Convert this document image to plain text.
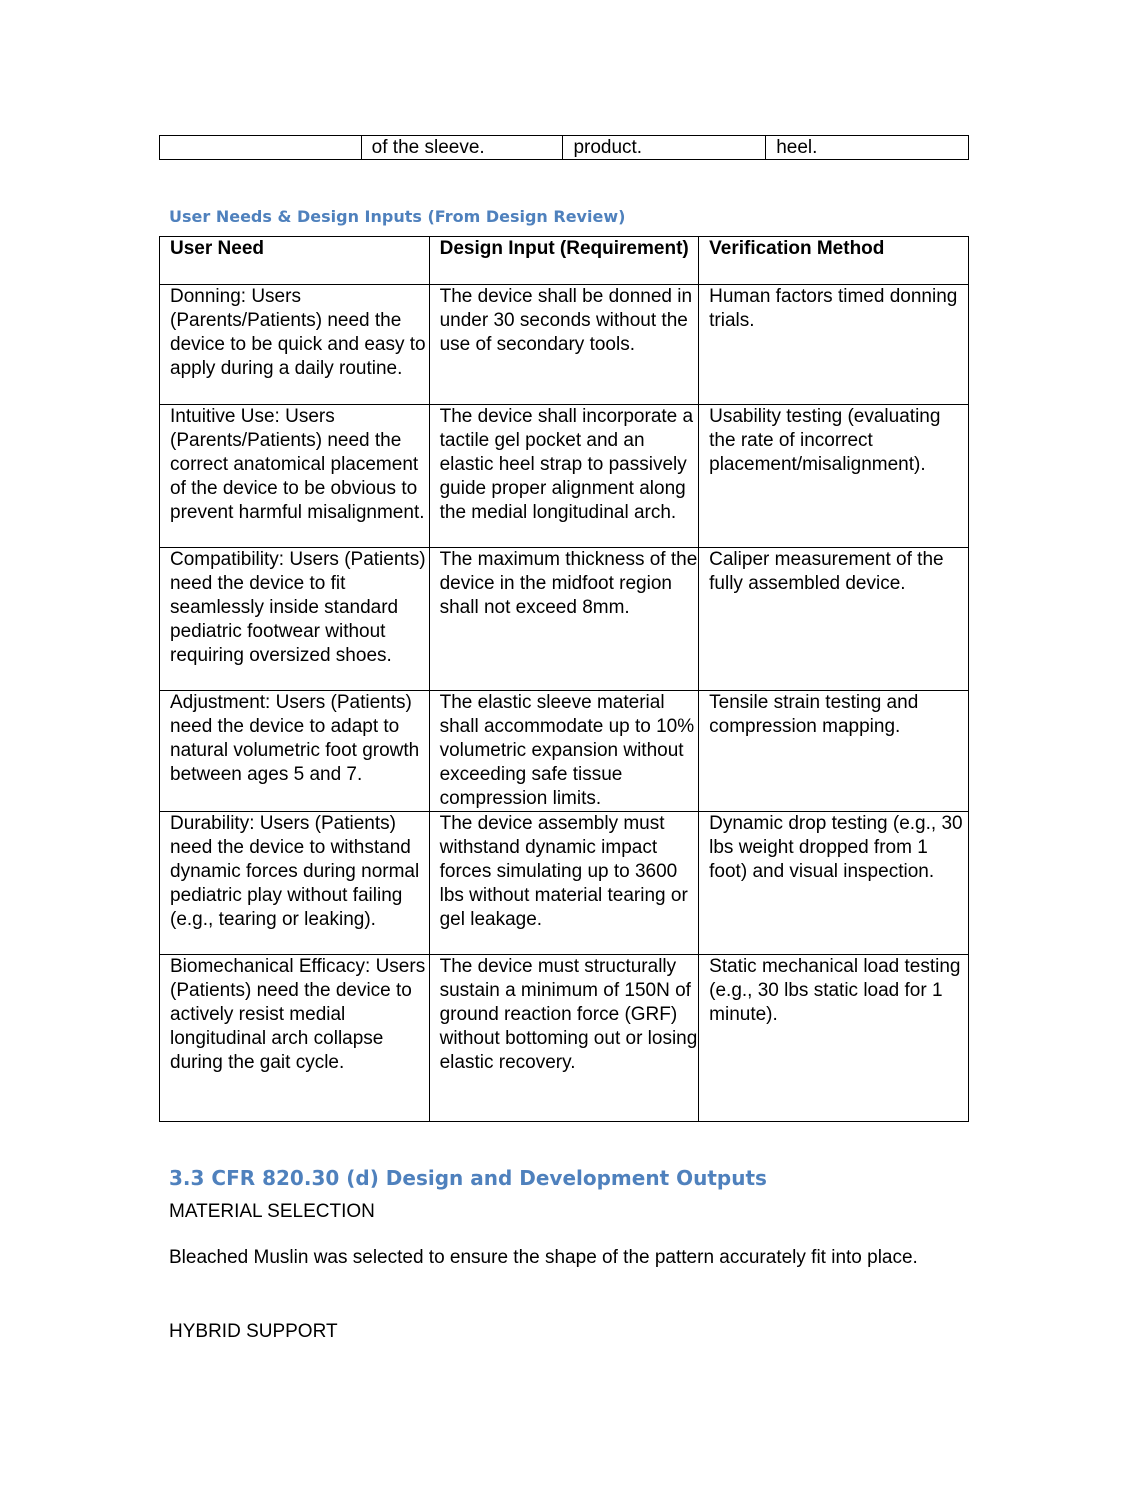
	of the sleeve.	product.	heel.
User Needs & Design Inputs (From Design Review)
User Need	Design Input (Requirement)	Verification Method
Donning: Users (Parents/Patients) need the device to be quick and easy to apply during a daily routine.	The device shall be donned in under 30 seconds without the use of secondary tools.	Human factors timed donning trials.
Intuitive Use: Users (Parents/Patients) need the correct anatomical placement of the device to be obvious to prevent harmful misalignment.	The device shall incorporate a tactile gel pocket and an elastic heel strap to passively guide proper alignment along the medial longitudinal arch.	Usability testing (evaluating the rate of incorrect placement/misalignment).
Compatibility: Users (Patients) need the device to fit seamlessly inside standard pediatric footwear without requiring oversized shoes.	The maximum thickness of the device in the midfoot region shall not exceed 8mm.	Caliper measurement of the fully assembled device.
Adjustment: Users (Patients) need the device to adapt to natural volumetric foot growth between ages 5 and 7.	The elastic sleeve material shall accommodate up to 10% volumetric expansion without exceeding safe tissue compression limits.	Tensile strain testing and compression mapping.
Durability: Users (Patients) need the device to withstand dynamic forces during normal pediatric play without failing (e.g., tearing or leaking).	The device assembly must withstand dynamic impact forces simulating up to 3600 lbs without material tearing or gel leakage.	Dynamic drop testing (e.g., 30 lbs weight dropped from 1 foot) and visual inspection.
Biomechanical Efficacy: Users (Patients) need the device to actively resist medial longitudinal arch collapse during the gait cycle.	The device must structurally sustain a minimum of 150N of ground reaction force (GRF) without bottoming out or losing elastic recovery.	Static mechanical load testing (e.g., 30 lbs static load for 1 minute).
3.3 CFR 820.30 (d) Design and Development Outputs
MATERIAL SELECTION
Bleached Muslin was selected to ensure the shape of the pattern accurately fit into place.
HYBRID SUPPORT
